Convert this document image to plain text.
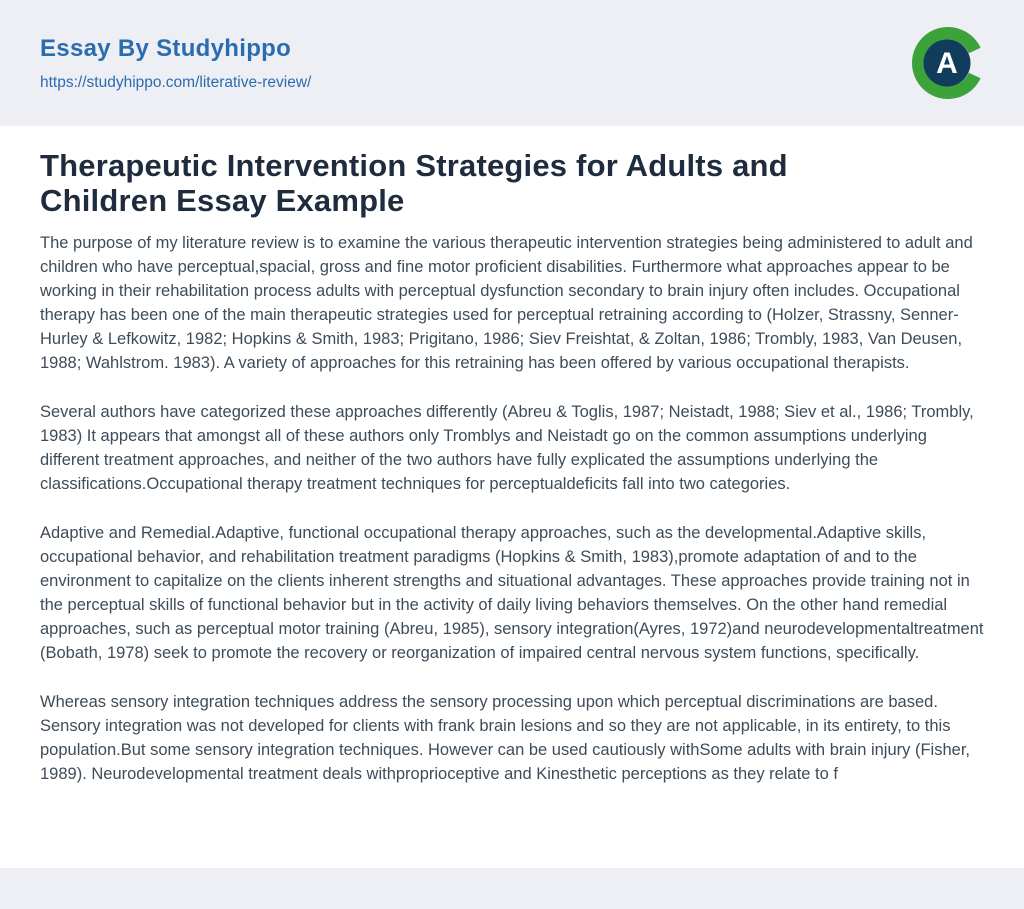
Essay By Studyhippo
https://studyhippo.com/literative-review/
A
Therapeutic Intervention Strategies for Adults and Children Essay Example

The purpose of my literature review is to examine the various therapeutic intervention strategies being administered to adult and children who have perceptual,spacial, gross and fine motor proficient disabilities. Furthermore what approaches appear to be working in their rehabilitation process adults with perceptual dysfunction secondary to brain injury often includes. Occupational therapy has been one of the main therapeutic strategies used for perceptual retraining according to (Holzer, Strassny, Senner-Hurley & Lefkowitz, 1982; Hopkins & Smith, 1983; Prigitano, 1986; Siev Freishtat, & Zoltan, 1986; Trombly, 1983, Van Deusen, 1988; Wahlstrom. 1983). A variety of approaches for this retraining has been offered by various occupational therapists.

Several authors have categorized these approaches differently (Abreu & Toglis, 1987; Neistadt, 1988; Siev et al., 1986; Trombly, 1983) It appears that amongst all of these authors only Tromblys and Neistadt go on the common assumptions underlying different treatment approaches, and neither of the two authors have fully explicated the assumptions underlying the classifications.Occupational therapy treatment techniques for perceptualdeficits fall into two categories.

Adaptive and Remedial.Adaptive, functional occupational therapy approaches, such as the developmental.Adaptive skills, occupational behavior, and rehabilitation treatment paradigms (Hopkins & Smith, 1983),promote adaptation of and to the environment to capitalize on the clients inherent strengths and situational advantages. These approaches provide training not in the perceptual skills of functional behavior but in the activity of daily living behaviors themselves. On the other hand remedial approaches, such as perceptual motor training (Abreu, 1985), sensory integration(Ayres, 1972)and neurodevelopmentaltreatment (Bobath, 1978) seek to promote the recovery or reorganization of impaired central nervous system functions, specifically.

Whereas sensory integration techniques address the sensory processing upon which perceptual discriminations are based. Sensory integration was not developed for clients with frank brain lesions and so they are not applicable, in its entirety, to this population.But some sensory integration techniques. However can be used cautiously withSome adults with brain injury (Fisher, 1989). Neurodevelopmental treatment deals withproprioceptive and Kinesthetic perceptions as they relate to f
